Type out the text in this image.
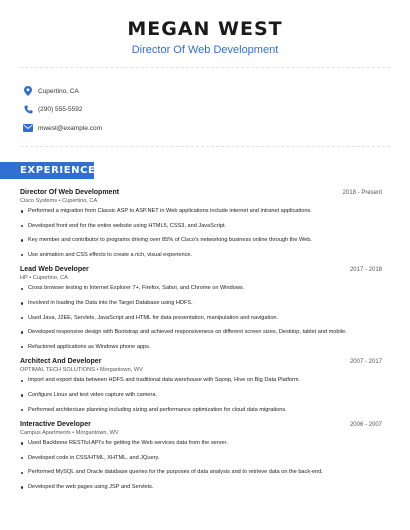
MEGAN WEST
Director Of Web Development
Cupertino, CA
(290) 555-5592
mwest@example.com
EXPERIENCE
Director Of Web Development	2018 - Present
Cisco Systems • Cupertino, CA
Performed a migration from Classic ASP to ASP.NET in Web applications include internet and intranet applications.
Developed front end for the entire website using HTML5, CSS3, and JavaScript.
Key member and contributor to programs driving over 85% of Cisco's networking business online through the Web.
Use animation and CSS effects to create a rich, visual experience.
Lead Web Developer	2017 - 2018
HP • Cupertino, CA
Cross browser testing in Internet Explorer 7+, Firefox, Safari, and Chrome on Windows.
Involved in loading the Data into the Target Database using HDFS.
Used Java, J2EE, Servlets, JavaScript and HTML for data presentation, manipulation and navigation.
Developed responsive design with Bootstrap and achieved responsiveness on different screen sizes, Desktop, tablet and mobile.
Refactored applications as Windows phone apps.
Architect And Developer	2007 - 2017
OPTIMAL TECH SOLUTIONS • Morgantown, WV
Import and export data between HDFS and traditional data warehouse with Sqoop, Hive on Big Data Platform.
Configure Linux and test video capture with camera.
Performed architecture planning including sizing and performance optimization for cloud data migrations.
Interactive Developer	2006 - 2007
Campus Apartments • Morgantown, WV
Used Backbone RESTful API's for getting the Web services data from the server.
Developed code in CSS/HTML, XHTML, and JQuery.
Performed MySQL and Oracle database queries for the purposes of data analysis and to retrieve data on the back-end.
Developed the web pages using JSP and Servlets.
